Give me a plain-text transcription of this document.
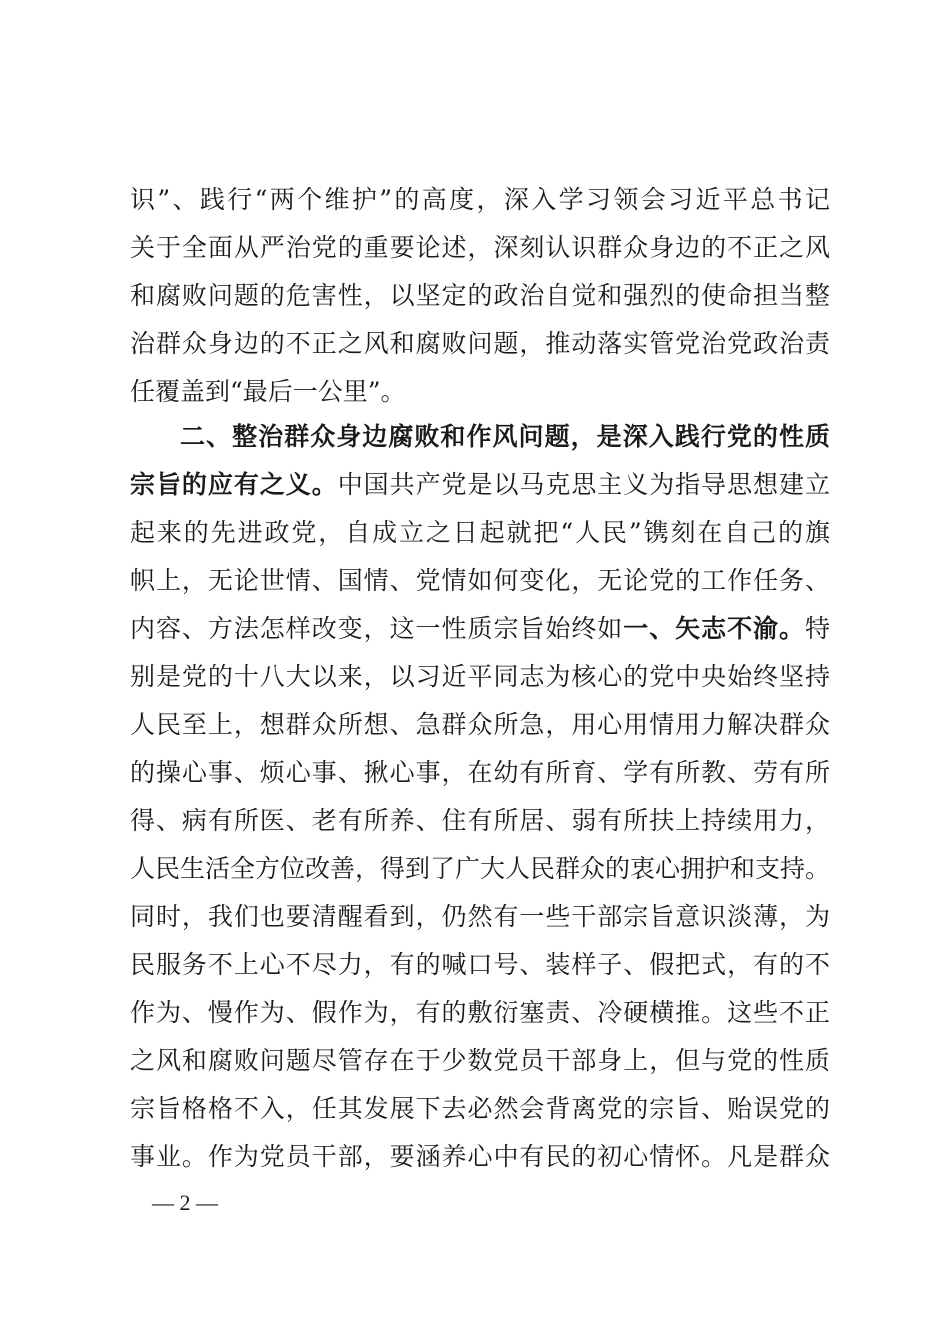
识”、践行“两个维护”的高度，深入学习领会习近平总书记
关于全面从严治党的重要论述，深刻认识群众身边的不正之风
和腐败问题的危害性，以坚定的政治自觉和强烈的使命担当整
治群众身边的不正之风和腐败问题，推动落实管党治党政治责
任覆盖到“最后一公里”。
二、整治群众身边腐败和作风问题，是深入践行党的性质
宗旨的应有之义。中国共产党是以马克思主义为指导思想建立
起来的先进政党，自成立之日起就把“人民”镌刻在自己的旗
帜上，无论世情、国情、党情如何变化，无论党的工作任务、
内容、方法怎样改变，这一性质宗旨始终如一、矢志不渝。特
别是党的十八大以来，以习近平同志为核心的党中央始终坚持
人民至上，想群众所想、急群众所急，用心用情用力解决群众
的操心事、烦心事、揪心事，在幼有所育、学有所教、劳有所
得、病有所医、老有所养、住有所居、弱有所扶上持续用力，
人民生活全方位改善，得到了广大人民群众的衷心拥护和支持。
同时，我们也要清醒看到，仍然有一些干部宗旨意识淡薄，为
民服务不上心不尽力，有的喊口号、装样子、假把式，有的不
作为、慢作为、假作为，有的敷衍塞责、冷硬横推。这些不正
之风和腐败问题尽管存在于少数党员干部身上，但与党的性质
宗旨格格不入，任其发展下去必然会背离党的宗旨、贻误党的
事业。作为党员干部，要涵养心中有民的初心情怀。凡是群众
— 2 —
